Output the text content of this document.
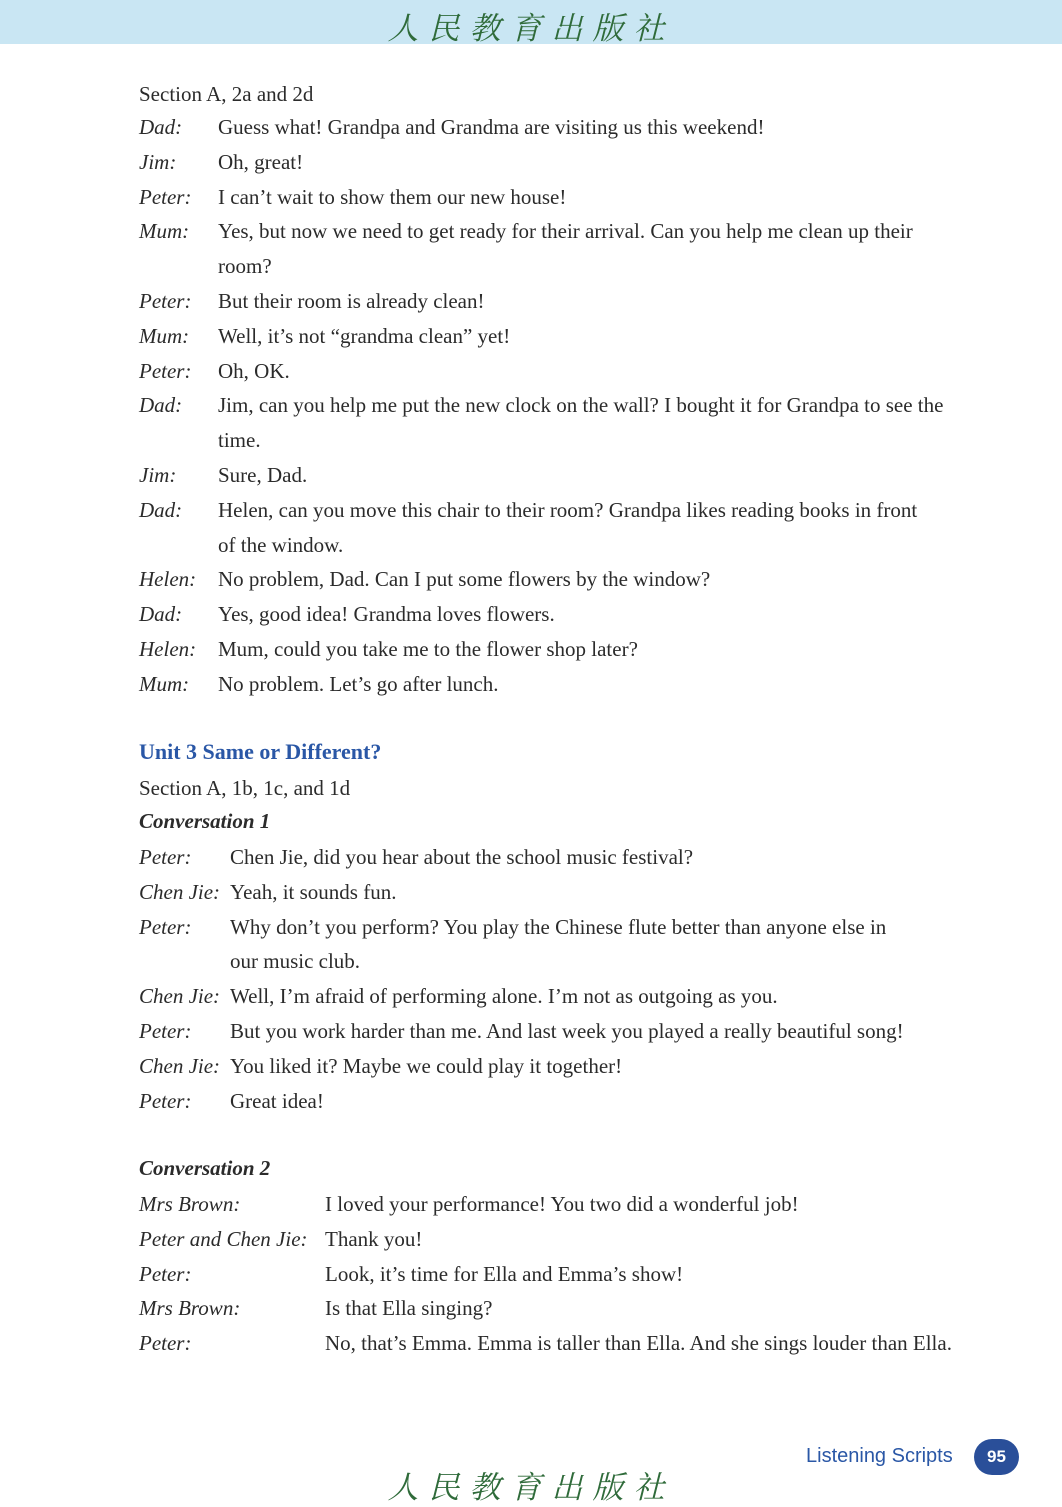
人民教育出版社
Section A, 2a and 2d
Dad: Guess what! Grandpa and Grandma are visiting us this weekend!
Jim: Oh, great!
Peter: I can’t wait to show them our new house!
Mum: Yes, but now we need to get ready for their arrival. Can you help me clean up their
room?
Peter: But their room is already clean!
Mum: Well, it’s not “grandma clean” yet!
Peter: Oh, OK.
Dad: Jim, can you help me put the new clock on the wall? I bought it for Grandpa to see the
time.
Jim: Sure, Dad.
Dad: Helen, can you move this chair to their room? Grandpa likes reading books in front
of the window.
Helen: No problem, Dad. Can I put some flowers by the window?
Dad: Yes, good idea! Grandma loves flowers.
Helen: Mum, could you take me to the flower shop later?
Mum: No problem. Let’s go after lunch.
Unit 3 Same or Different?
Section A, 1b, 1c, and 1d
Conversation 1
Peter: Chen Jie, did you hear about the school music festival?
Chen Jie: Yeah, it sounds fun.
Peter: Why don’t you perform? You play the Chinese flute better than anyone else in
our music club.
Chen Jie: Well, I’m afraid of performing alone. I’m not as outgoing as you.
Peter: But you work harder than me. And last week you played a really beautiful song!
Chen Jie: You liked it? Maybe we could play it together!
Peter: Great idea!
Conversation 2
Mrs Brown:	I loved your performance! You two did a wonderful job!
Peter and Chen Jie: Thank you!
Peter:	Look, it’s time for Ella and Emma’s show!
Mrs Brown:	Is that Ella singing?
Peter:	No, that’s Emma. Emma is taller than Ella. And she sings louder than Ella.
Listening Scripts	95
人民教育出版社
